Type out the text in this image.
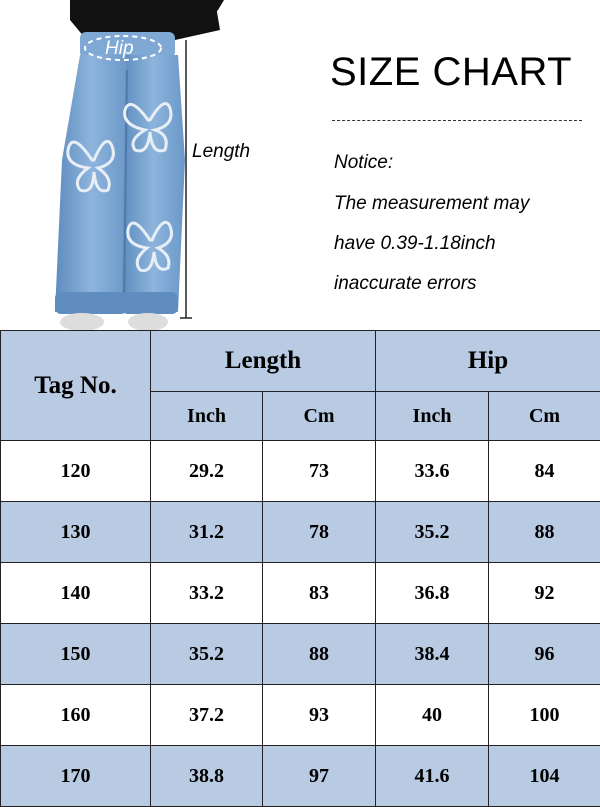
Hip
Length
SIZE CHART
Notice:
The measurement may
have 0.39-1.18inch
inaccurate errors
Tag No.	Length		Hip	
	Inch	Cm	Inch	Cm
120	29.2	73	33.6	84
130	31.2	78	35.2	88
140	33.2	83	36.8	92
150	35.2	88	38.4	96
160	37.2	93	40	100
170	38.8	97	41.6	104
